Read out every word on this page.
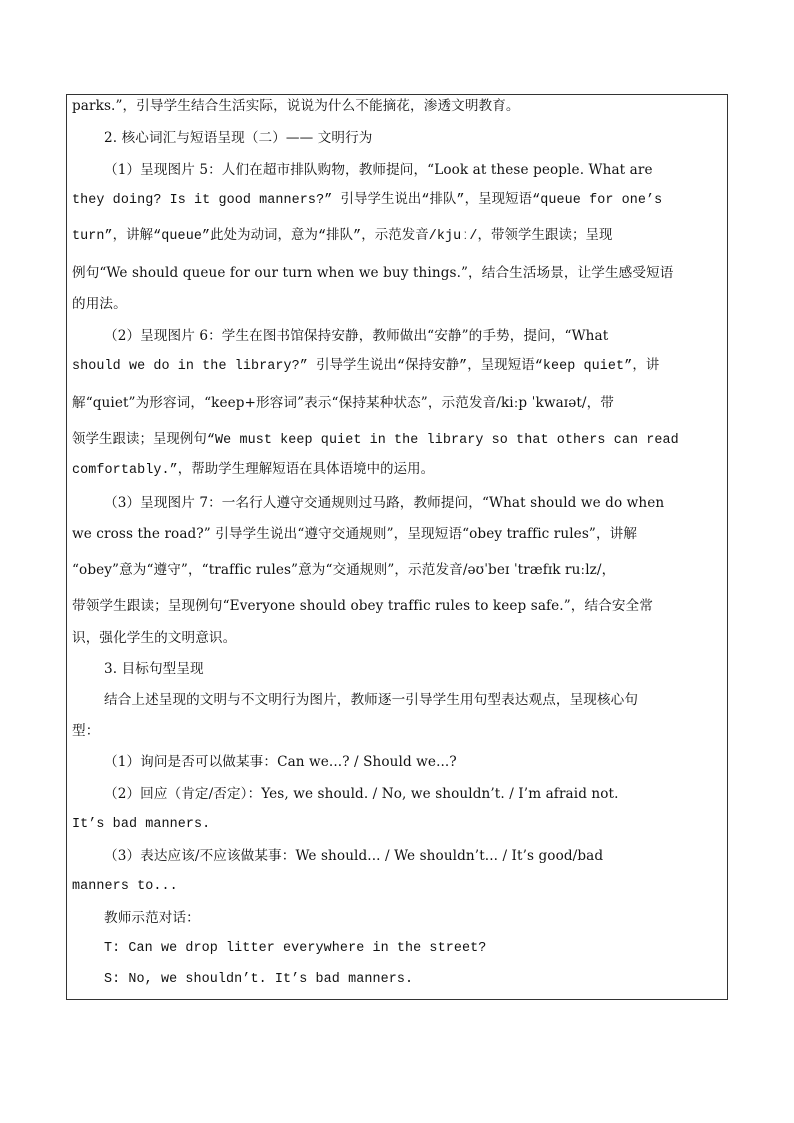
parks.”，引导学生结合生活实际，说说为什么不能摘花，渗透文明教育。
2. 核心词汇与短语呈现（二）—— 文明行为
（1）呈现图片 5：人们在超市排队购物，教师提问，“Look at these people. What are
they doing? Is it good manners?” 引导学生说出“排队”，呈现短语“queue for one’s
turn”，讲解“queue”此处为动词，意为“排队”，示范发音/kjuː/，带领学生跟读；呈现
例句“We should queue for our turn when we buy things.”，结合生活场景，让学生感受短语
的用法。
（2）呈现图片 6：学生在图书馆保持安静，教师做出“安静”的手势，提问，“What
should we do in the library?” 引导学生说出“保持安静”，呈现短语“keep quiet”，讲
解“quiet”为形容词，“keep+形容词”表示“保持某种状态”，示范发音/kiːp ˈkwaɪət/，带
领学生跟读；呈现例句“We must keep quiet in the library so that others can read
comfortably.”，帮助学生理解短语在具体语境中的运用。
（3）呈现图片 7：一名行人遵守交通规则过马路，教师提问，“What should we do when
we cross the road?” 引导学生说出“遵守交通规则”，呈现短语“obey traffic rules”，讲解
“obey”意为“遵守”，“traffic rules”意为“交通规则”，示范发音/əʊˈbeɪ ˈtræfɪk ruːlz/，
带领学生跟读；呈现例句“Everyone should obey traffic rules to keep safe.”，结合安全常
识，强化学生的文明意识。
3. 目标句型呈现
结合上述呈现的文明与不文明行为图片，教师逐一引导学生用句型表达观点，呈现核心句
型：
（1）询问是否可以做某事：Can we...? / Should we...?
（2）回应（肯定/否定）：Yes, we should. / No, we shouldn’t. / I’m afraid not.
It’s bad manners.
（3）表达应该/不应该做某事：We should... / We shouldn’t... / It’s good/bad
manners to...
教师示范对话：
T: Can we drop litter everywhere in the street?
S: No, we shouldn’t. It’s bad manners.
